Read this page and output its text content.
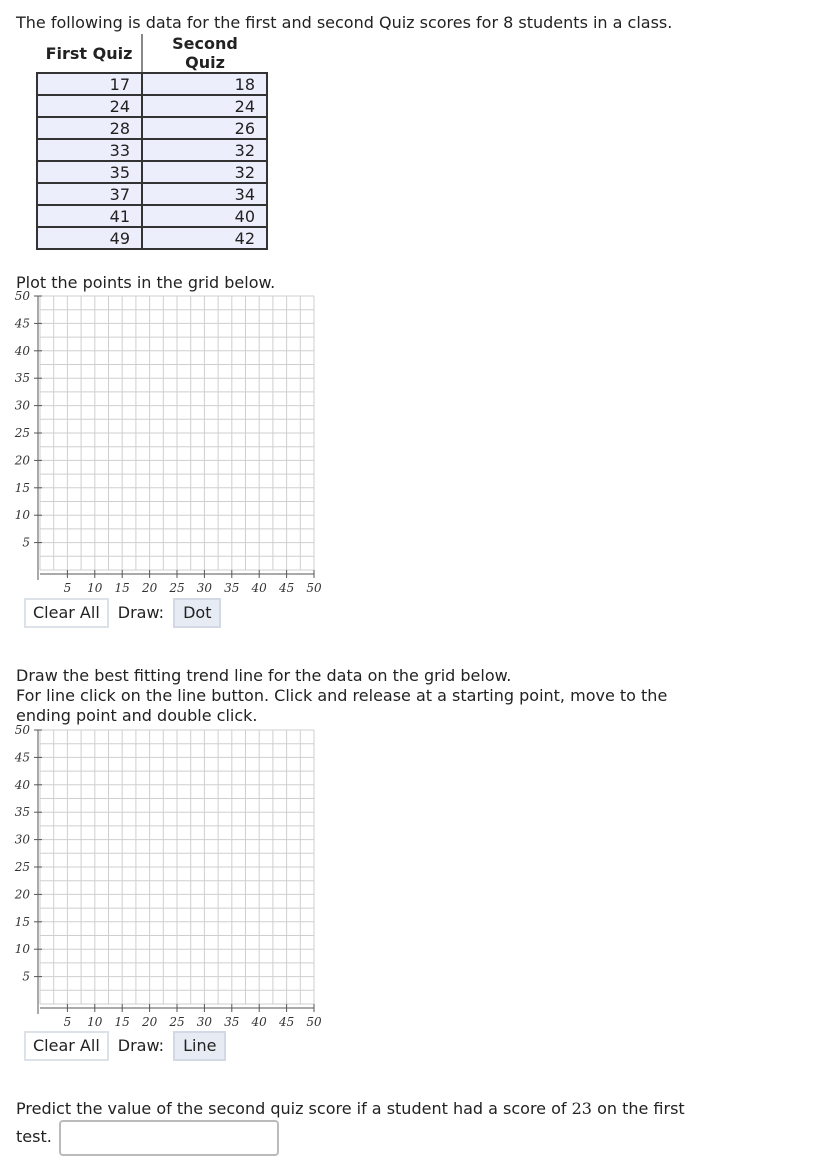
The following is data for the first and second Quiz scores for 8 students in a class.
First Quiz	Second Quiz
17	18
24	24
28	26
33	32
35	32
37	34
41	40
49	42
Plot the points in the grid below.
5
10
15
20
25
30
35
40
45
50
5 10 15 20 25 30 35 40 45 50
Clear All	Draw:	Dot
Draw the best fitting trend line for the data on the grid below.
For line click on the line button. Click and release at a starting point, move to the
ending point and double click.
5
10
15
20
25
30
35
40
45
50
5 10 15 20 25 30 35 40 45 50
Clear All	Draw:	Line
Predict the value of the second quiz score if a student had a score of 23 on the first
test.
